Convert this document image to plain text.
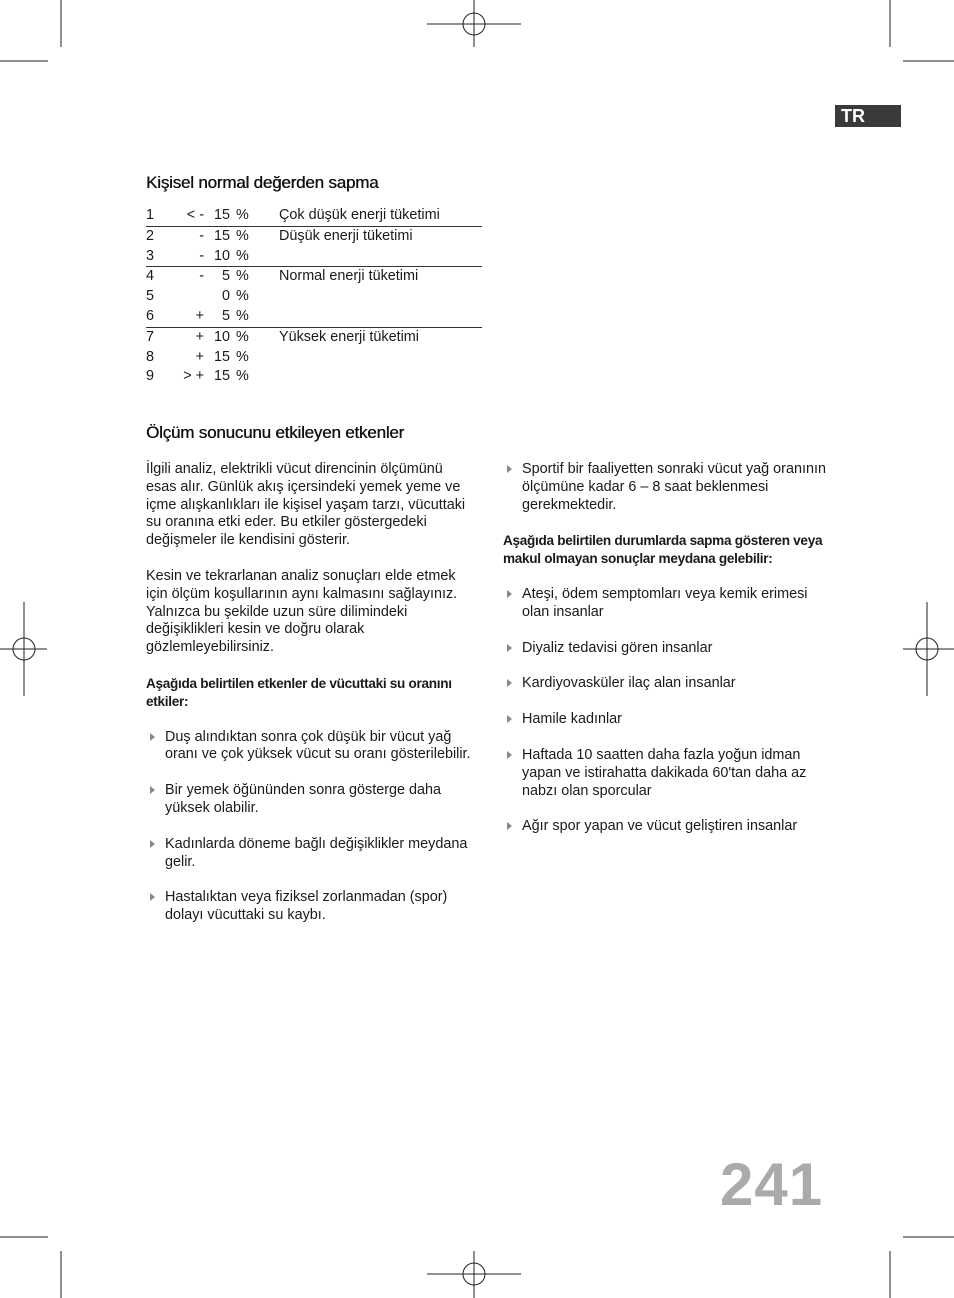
TR
Kişisel normal değerden sapma
1	< -	15	%	Çok düşük enerji tüketimi
2	-	15	%	Düşük enerji tüketimi
3	-	10	%	
4	-	5	%	Normal enerji tüketimi
5		0	%	
6	+	5	%	
7	+	10	%	Yüksek enerji tüketimi
8	+	15	%	
9	> +	15	%	
Ölçüm sonucunu etkileyen etkenler

İlgili analiz, elektrikli vücut direncinin ölçümünü esas alır. Günlük akış içersindeki yemek yeme ve içme alışkanlıkları ile kişisel yaşam tarzı, vücuttaki su oranına etki eder. Bu etkiler göstergedeki değişmeler ile kendisini gösterir.

Kesin ve tekrarlanan analiz sonuçları elde etmek için ölçüm koşullarının aynı kalmasını sağlayınız. Yalnızca bu şekilde uzun süre dilimindeki değişiklikleri kesin ve doğru olarak gözlemleyebilirsiniz.

Aşağıda belirtilen etkenler de vücuttaki su oranını etkiler:

Duş alındıktan sonra çok düşük bir vücut yağ oranı ve çok yüksek vücut su oranı gösterilebilir.
Bir yemek öğününden sonra gösterge daha yüksek olabilir.
Kadınlarda döneme bağlı değişiklikler meydana gelir.
Hastalıktan veya fiziksel zorlanmadan (spor) dolayı vücuttaki su kaybı.
Sportif bir faaliyetten sonraki vücut yağ oranının ölçümüne kadar 6 – 8 saat beklenmesi gerekmektedir.

Aşağıda belirtilen durumlarda sapma gösteren veya makul olmayan sonuçlar meydana gelebilir:

Ateşi, ödem semptomları veya kemik erimesi olan insanlar
Diyaliz tedavisi gören insanlar
Kardiyovasküler ilaç alan insanlar
Hamile kadınlar
Haftada 10 saatten daha fazla yoğun idman yapan ve istirahatta dakikada 60'tan daha az nabzı olan sporcular
Ağır spor yapan ve vücut geliştiren insanlar
241
